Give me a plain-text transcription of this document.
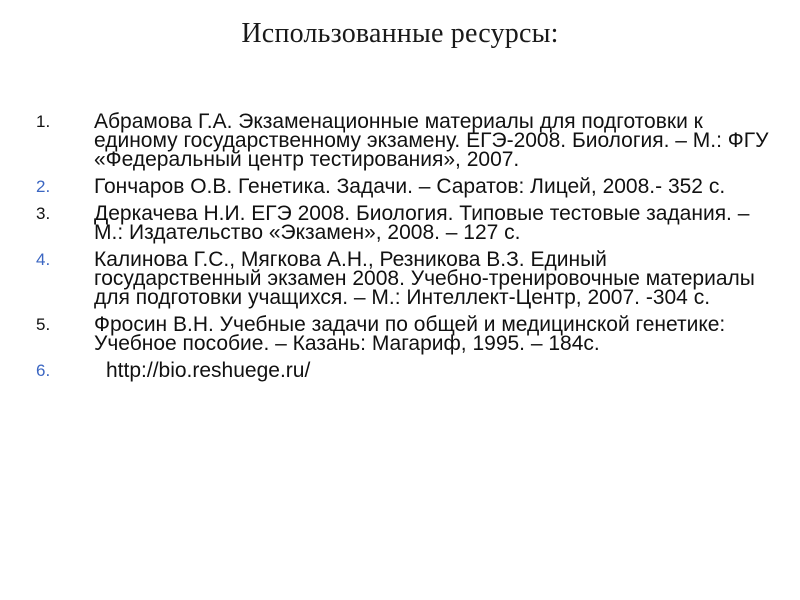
Использованные ресурсы:
1. Абрамова Г.А. Экзаменационные материалы для подготовки к единому государственному экзамену. ЕГЭ-2008. Биология. – М.: ФГУ «Федеральный центр тестирования», 2007.
2. Гончаров О.В. Генетика. Задачи. – Саратов: Лицей, 2008.- 352 с.
3. Деркачева Н.И. ЕГЭ 2008. Биология. Типовые тестовые задания. – М.: Издательство «Экзамен», 2008. – 127 с.
4. Калинова Г.С., Мягкова А.Н., Резникова В.З. Единый государственный экзамен 2008. Учебно-тренировочные материалы для подготовки учащихся. – М.: Интеллект-Центр, 2007. -304 с.
5. Фросин В.Н. Учебные задачи по общей и медицинской генетике: Учебное пособие. – Казань: Магариф, 1995. – 184с.
6.	http://bio.reshuege.ru/
